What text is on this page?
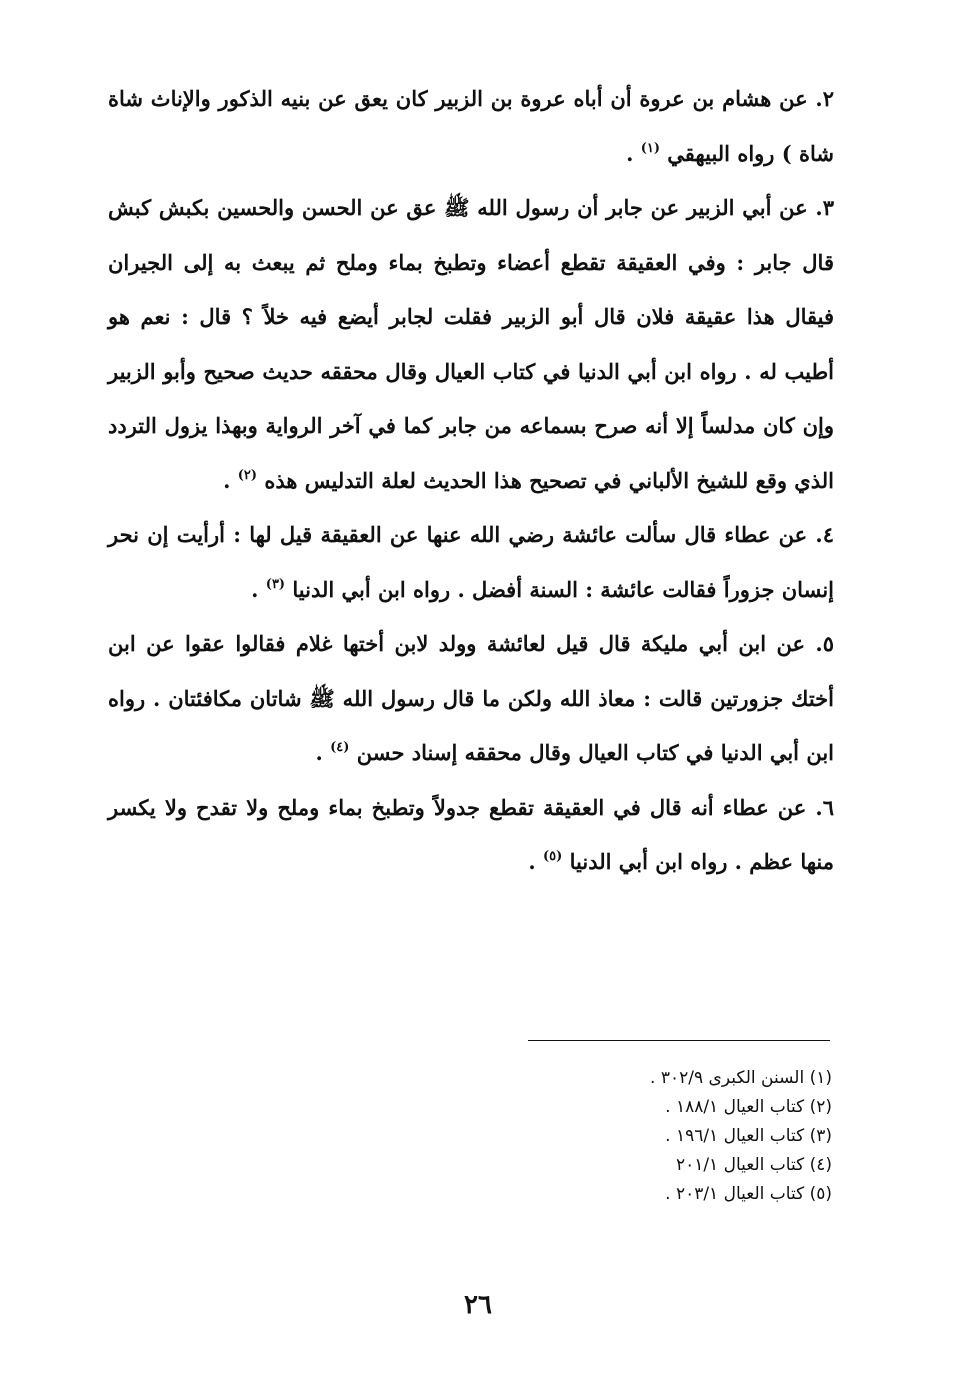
٢. عن هشام بن عروة أن أباه عروة بن الزبير كان يعق عن بنيه الذكور والإناث شاة شاة ) رواه البيهقي $^{(١)}$ .

٣. عن أبي الزبير عن جابر أن رسول الله ﷺ عق عن الحسن والحسين بكبش كبش قال جابر : وفي العقيقة تقطع أعضاء وتطبخ بماء وملح ثم يبعث به إلى الجيران فيقال هذا عقيقة فلان قال أبو الزبير فقلت لجابر أيضع فيه خلاً ؟ قال : نعم هو أطيب له . رواه ابن أبي الدنيا في كتاب العيال وقال محققه حديث صحيح وأبو الزبير وإن كان مدلساً إلا أنه صرح بسماعه من جابر كما في آخر الرواية وبهذا يزول التردد الذي وقع للشيخ الألباني في تصحيح هذا الحديث لعلة التدليس هذه $^{(٢)}$ .

٤. عن عطاء قال سألت عائشة رضي الله عنها عن العقيقة قيل لها : أرأيت إن نحر إنسان جزوراً فقالت عائشة : السنة أفضل . رواه ابن أبي الدنيا $^{(٣)}$ .

٥. عن ابن أبي مليكة قال قيل لعائشة وولد لابن أختها غلام فقالوا عقوا عن ابن أختك جزورتين قالت : معاذ الله ولكن ما قال رسول الله ﷺ شاتان مكافئتان . رواه ابن أبي الدنيا في كتاب العيال وقال محققه إسناد حسن $^{(٤)}$ .

٦. عن عطاء أنه قال في العقيقة تقطع جدولاً وتطبخ بماء وملح ولا تقدح ولا يكسر منها عظم . رواه ابن أبي الدنيا $^{(٥)}$ .

(١) السنن الكبرى ٣٠٢/٩ .

(٢) كتاب العيال ١٨٨/١ .

(٣) كتاب العيال ١٩٦/١ .

(٤) كتاب العيال ٢٠١/١

(٥) كتاب العيال ٢٠٣/١ .

٢٦
